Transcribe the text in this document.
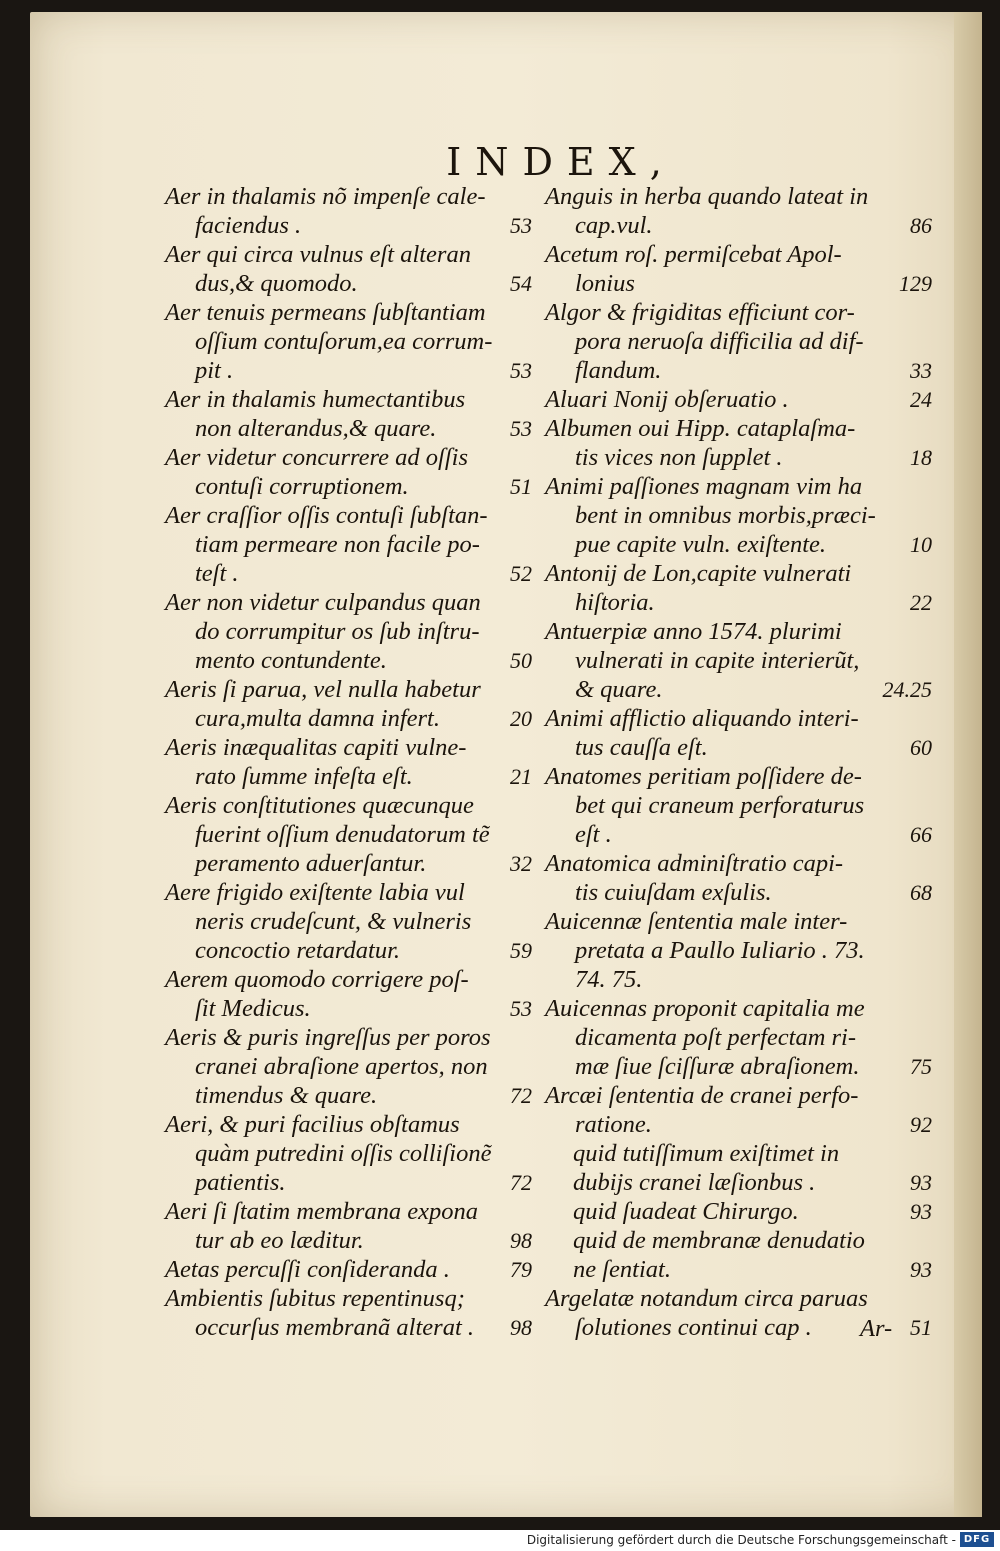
INDEX,
Aer in thalamis nõ impenſe cale-
faciendus .	53
Aer qui circa vulnus eſt alteran
dus,& quomodo.	54
Aer tenuis permeans ſubſtantiam
oſſium contuſorum,ea corrum-
pit .	53
Aer in thalamis humectantibus
non alterandus,& quare.	53
Aer videtur concurrere ad oſſis
contuſi corruptionem.	51
Aer craſſior oſſis contuſi ſubſtan-
tiam permeare non facile po-
teſt .	52
Aer non videtur culpandus quan
do corrumpitur os ſub inſtru-
mento contundente.	50
Aeris ſi parua, vel nulla habetur
cura,multa damna infert.	20
Aeris inæqualitas capiti vulne-
rato ſumme infeſta eſt.	21
Aeris conſtitutiones quæcunque
fuerint oſſium denudatorum tẽ
peramento aduerſantur.	32
Aere frigido exiſtente labia vul
neris crudeſcunt, & vulneris
concoctio retardatur.	59
Aerem quomodo corrigere poſ-
ſit Medicus.	53
Aeris & puris ingreſſus per poros
cranei abraſione apertos, non
timendus & quare.	72
Aeri, & puri facilius obſtamus
quàm putredini oſſis colliſionẽ
patientis.	72
Aeri ſi ſtatim membrana expona
tur ab eo læditur.	98
Aetas percuſſi conſideranda .	79
Ambientis ſubitus repentinusq;
occurſus membranã alterat . 98
Anguis in herba quando lateat in
cap.vul.	86
Acetum roſ. permiſcebat Apol-
lonius	129
Algor & frigiditas efficiunt cor-
pora neruoſa difficilia ad dif-
flandum.	33
Aluari Nonij obſeruatio .	24
Albumen oui Hipp. cataplaſma-
tis vices non ſupplet .	18
Animi paſſiones magnam vim ha
bent in omnibus morbis,præci-
pue capite vuln. exiſtente.	10
Antonij de Lon,capite vulnerati
hiſtoria.	22
Antuerpiæ anno 1574. plurimi
vulnerati in capite interierũt,
& quare.	24.25
Animi afflictio aliquando interi-
tus cauſſa eſt.	60
Anatomes peritiam poſſidere de-
bet qui craneum perforaturus
eſt .	66
Anatomica adminiſtratio capi-
tis cuiuſdam exſulis.	68
Auicennæ ſententia male inter-
pretata a Paullo Iuliario . 73.
74. 75.
Auicennas proponit capitalia me
dicamenta poſt perfectam ri-
mæ ſiue ſciſſuræ abraſionem. 75
Arcæi ſententia de cranei perfo-
ratione.	92
quid tutiſſimum exiſtimet in
dubijs cranei læſionbus .	93
quid ſuadeat Chirurgo.	93
quid de membranæ denudatio
ne ſentiat.	93
Argelatæ notandum circa paruas
ſolutiones continui cap .	51
Ar-
Digitalisierung gefördert durch die Deutsche Forschungsgemeinschaft - DFG
